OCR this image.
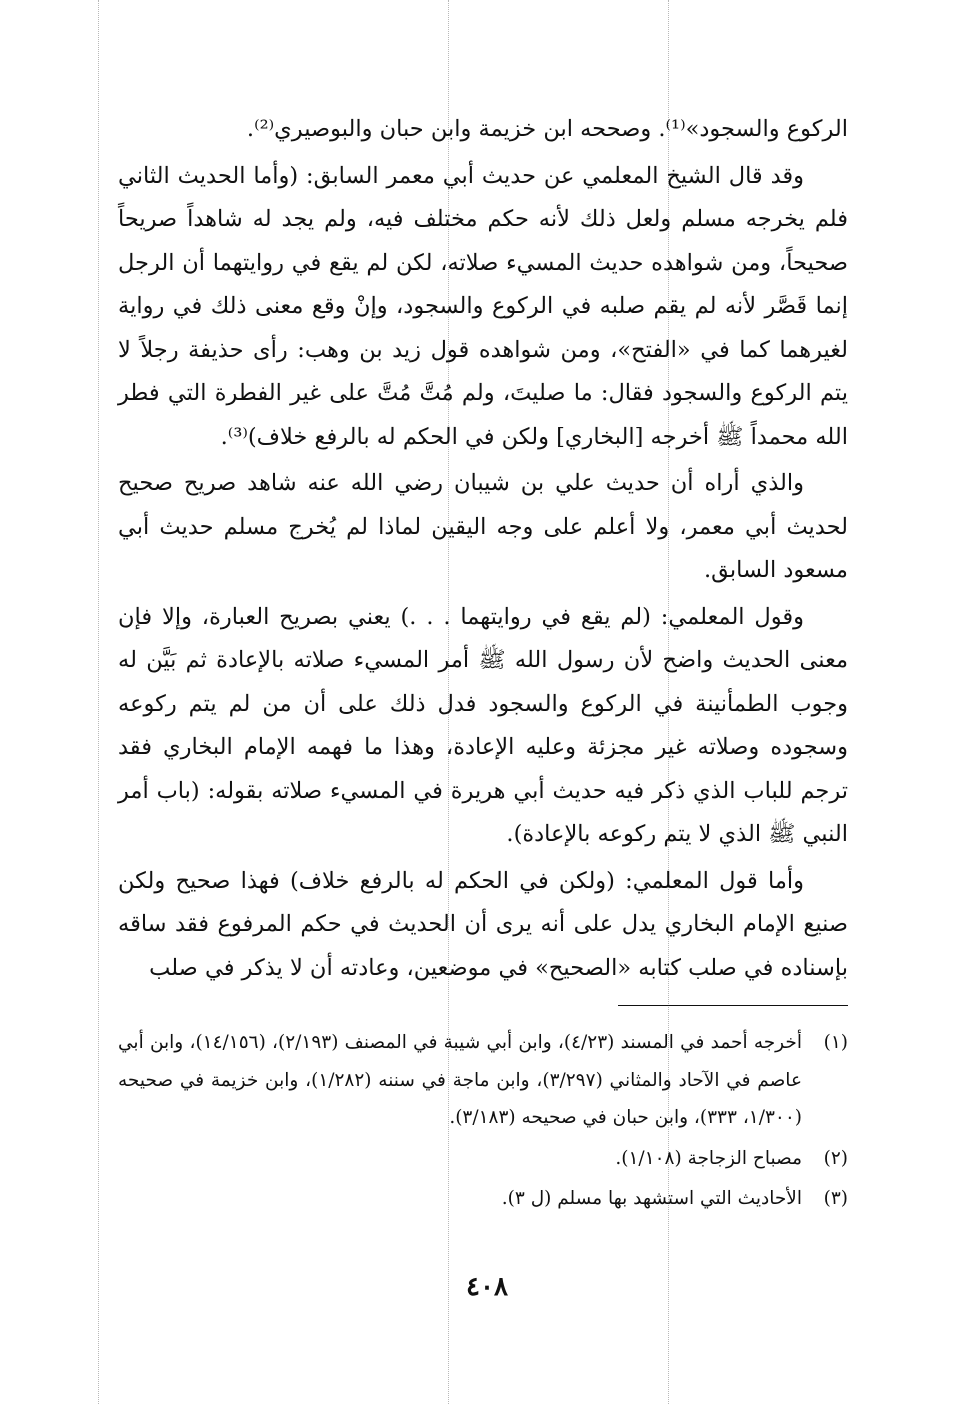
الركوع والسجود»⁽¹⁾. وصححه ابن خزيمة وابن حبان والبوصيري⁽²⁾.

وقد قال الشيخ المعلمي عن حديث أبي معمر السابق: (وأما الحديث الثاني فلم يخرجه مسلم ولعل ذلك لأنه حكم مختلف فيه، ولم يجد له شاهداً صريحاً صحيحاً، ومن شواهده حديث المسيء صلاته، لكن لم يقع في روايتهما أن الرجل إنما قَصَّر لأنه لم يقم صلبه في الركوع والسجود، وإنْ وقع معنى ذلك في رواية لغيرهما كما في «الفتح»، ومن شواهده قول زيد بن وهب: رأى حذيفة رجلاً لا يتم الركوع والسجود فقال: ما صليتَ، ولم مُتَّ مُتَّ على غير الفطرة التي فطر الله محمداً ﷺ أخرجه [البخاري] ولكن في الحكم له بالرفع خلاف)⁽³⁾.

والذي أراه أن حديث علي بن شيبان رضي الله عنه شاهد صريح صحيح لحديث أبي معمر، ولا أعلم على وجه اليقين لماذا لم يُخرج مسلم حديث أبي مسعود السابق.

وقول المعلمي: (لم يقع في روايتهما . . .) يعني بصريح العبارة، وإلا فإن معنى الحديث واضح لأن رسول الله ﷺ أمر المسيء صلاته بالإعادة ثم بَيَّن له وجوب الطمأنينة في الركوع والسجود فدل ذلك على أن من لم يتم ركوعه وسجوده وصلاته غير مجزئة وعليه الإعادة، وهذا ما فهمه الإمام البخاري فقد ترجم للباب الذي ذكر فيه حديث أبي هريرة في المسيء صلاته بقوله: (باب أمر النبي ﷺ الذي لا يتم ركوعه بالإعادة).

وأما قول المعلمي: (ولكن في الحكم له بالرفع خلاف) فهذا صحيح ولكن صنيع الإمام البخاري يدل على أنه يرى أن الحديث في حكم المرفوع فقد ساقه بإسناده في صلب كتابه «الصحيح» في موضعين، وعادته أن لا يذكر في صلب

(١)
أخرجه أحمد في المسند (٤/٢٣)، وابن أبي شيبة في المصنف (٢/١٩٣)، (١٤/١٥٦)، وابن أبي عاصم في الآحاد والمثاني (٣/٢٩٧)، وابن ماجة في سننه (١/٢٨٢)، وابن خزيمة في صحيحه (١/٣٠٠، ٣٣٣)، وابن حبان في صحيحه (٣/١٨٣).
(٢)
مصباح الزجاجة (١/١٠٨).
(٣)
الأحاديث التي استشهد بها مسلم (ل ٣).
٤٠٨
